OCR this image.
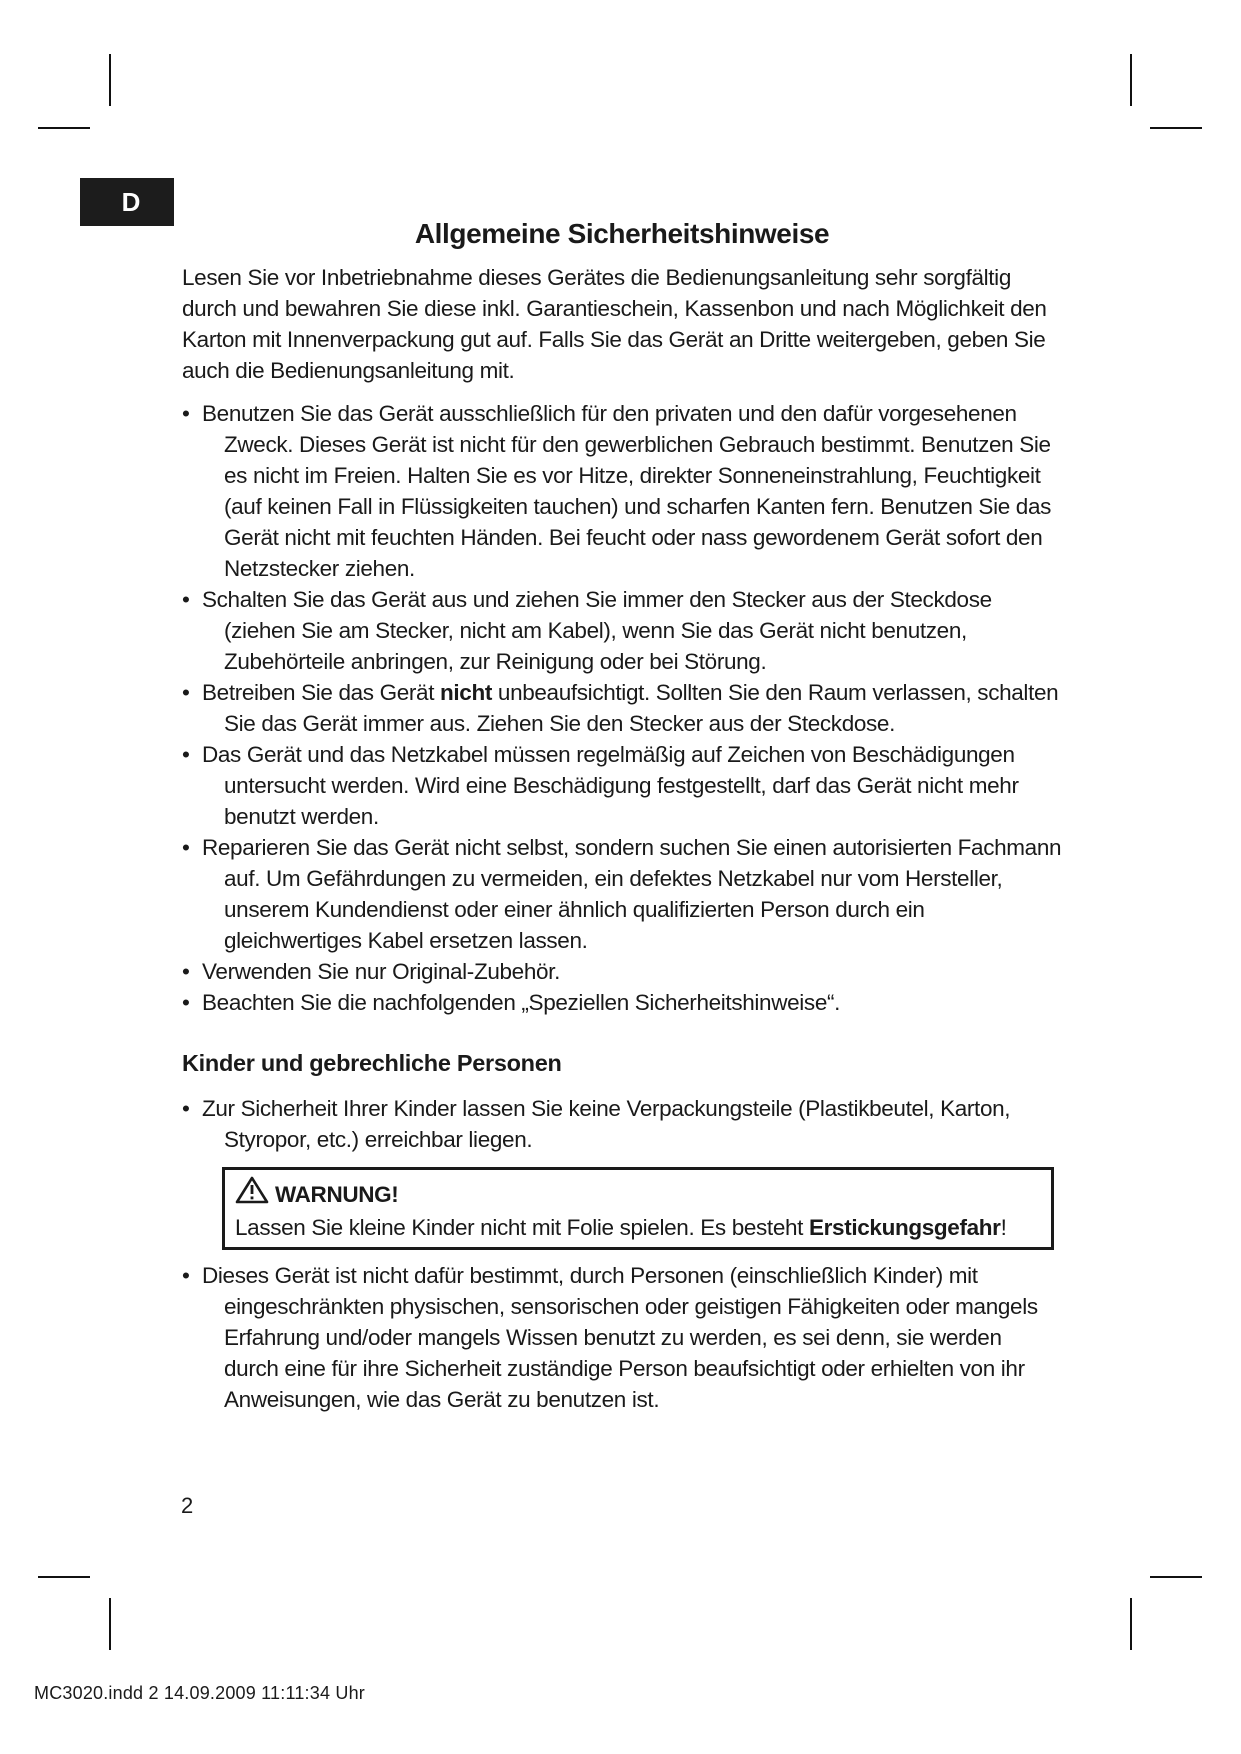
D
Allgemeine Sicherheitshinweise

Lesen Sie vor Inbetriebnahme dieses Gerätes die Bedienungsanleitung sehr sorgfältig durch und bewahren Sie diese inkl. Garantieschein, Kassenbon und nach Möglichkeit den Karton mit Innenverpackung gut auf. Falls Sie das Gerät an Dritte weitergeben, geben Sie auch die Bedienungsanleitung mit.

• Benutzen Sie das Gerät ausschließlich für den privaten und den dafür vorgesehenen Zweck. Dieses Gerät ist nicht für den gewerblichen Gebrauch bestimmt. Benutzen Sie es nicht im Freien. Halten Sie es vor Hitze, direkter Sonneneinstrahlung, Feuchtigkeit (auf keinen Fall in Flüssigkeiten tauchen) und scharfen Kanten fern. Benutzen Sie das Gerät nicht mit feuchten Händen. Bei feucht oder nass gewordenem Gerät sofort den Netzstecker ziehen.
• Schalten Sie das Gerät aus und ziehen Sie immer den Stecker aus der Steckdose (ziehen Sie am Stecker, nicht am Kabel), wenn Sie das Gerät nicht benutzen, Zubehörteile anbringen, zur Reinigung oder bei Störung.
• Betreiben Sie das Gerät nicht unbeaufsichtigt. Sollten Sie den Raum verlassen, schalten Sie das Gerät immer aus. Ziehen Sie den Stecker aus der Steckdose.
• Das Gerät und das Netzkabel müssen regelmäßig auf Zeichen von Beschädigungen untersucht werden. Wird eine Beschädigung festgestellt, darf das Gerät nicht mehr benutzt werden.
• Reparieren Sie das Gerät nicht selbst, sondern suchen Sie einen autorisierten Fachmann auf. Um Gefährdungen zu vermeiden, ein defektes Netzkabel nur vom Hersteller, unserem Kundendienst oder einer ähnlich qualifizierten Person durch ein gleichwertiges Kabel ersetzen lassen.
• Verwenden Sie nur Original-Zubehör.
• Beachten Sie die nachfolgenden „Speziellen Sicherheitshinweise“.
Kinder und gebrechliche Personen
• Zur Sicherheit Ihrer Kinder lassen Sie keine Verpackungsteile (Plastikbeutel, Karton, Styropor, etc.) erreichbar liegen.
WARNUNG!
Lassen Sie kleine Kinder nicht mit Folie spielen. Es besteht Erstickungsgefahr!
• Dieses Gerät ist nicht dafür bestimmt, durch Personen (einschließlich Kinder) mit eingeschränkten physischen, sensorischen oder geistigen Fähigkeiten oder mangels Erfahrung und/oder mangels Wissen benutzt zu werden, es sei denn, sie werden durch eine für ihre Sicherheit zuständige Person beaufsichtigt oder erhielten von ihr Anweisungen, wie das Gerät zu benutzen ist.
2
MC3020.indd 2 14.09.2009 11:11:34 Uhr
